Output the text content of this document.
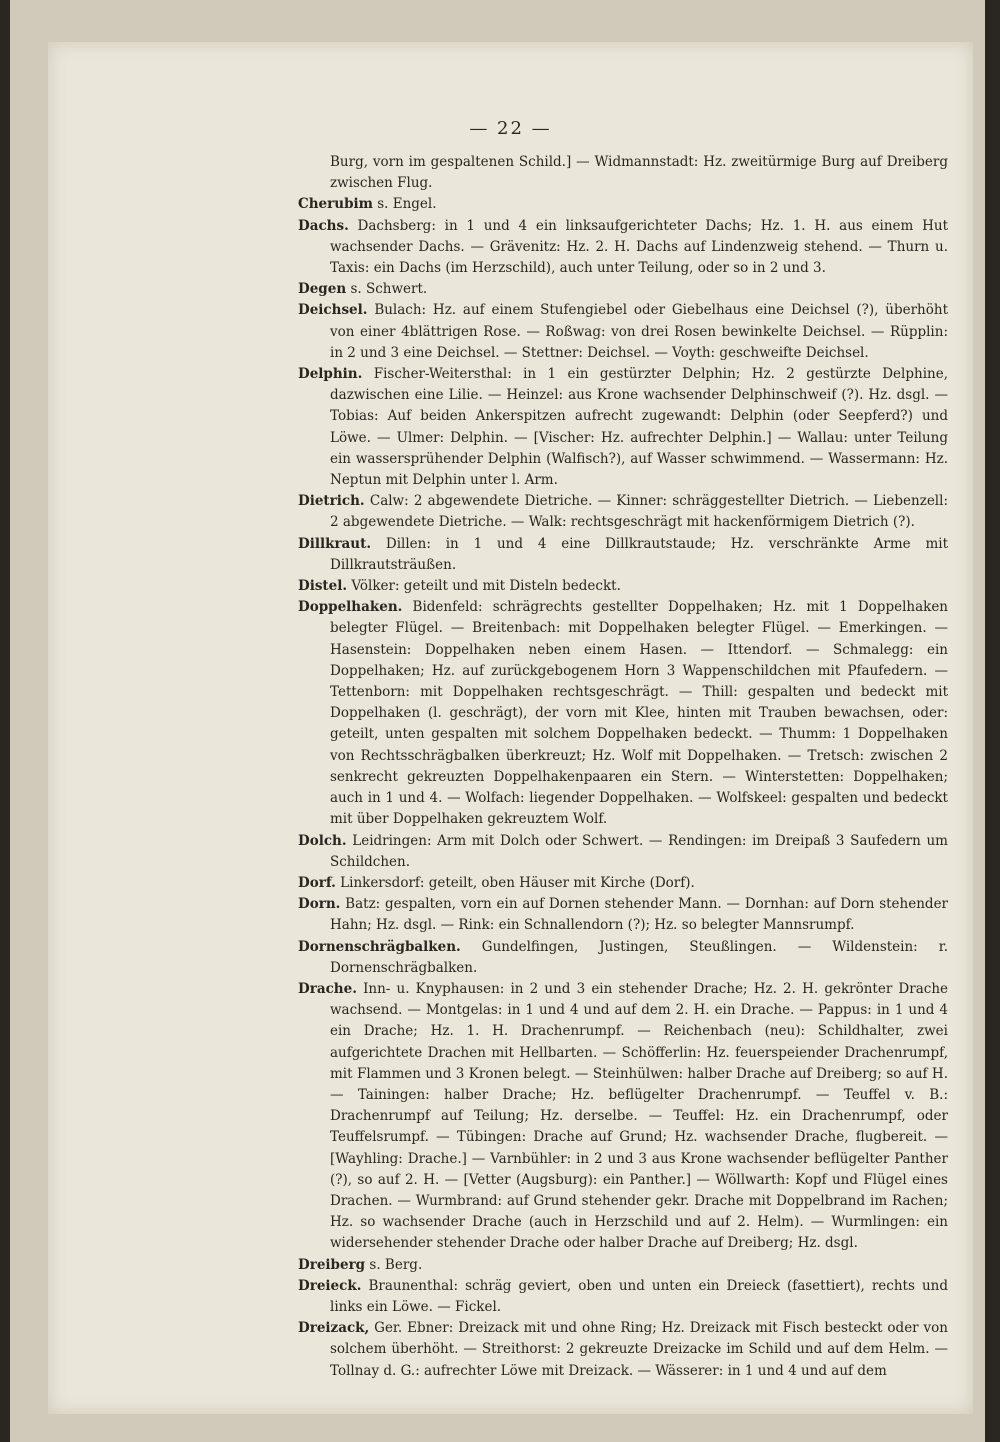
— 22 —

Burg, vorn im gespaltenen Schild.] — Widmannstadt: Hz. zweitürmige Burg auf Dreiberg zwischen Flug.

Cherubim s. Engel.

Dachs. Dachsberg: in 1 und 4 ein linksaufgerichteter Dachs; Hz. 1. H. aus einem Hut wachsender Dachs. — Grävenitz: Hz. 2. H. Dachs auf Lindenzweig stehend. — Thurn u. Taxis: ein Dachs (im Herzschild), auch unter Teilung, oder so in 2 und 3.

Degen s. Schwert.

Deichsel. Bulach: Hz. auf einem Stufengiebel oder Giebelhaus eine Deichsel (?), überhöht von einer 4blättrigen Rose. — Roßwag: von drei Rosen bewinkelte Deichsel. — Rüpplin: in 2 und 3 eine Deichsel. — Stettner: Deichsel. — Voyth: geschweifte Deichsel.

Delphin. Fischer-Weitersthal: in 1 ein gestürzter Delphin; Hz. 2 gestürzte Delphine, dazwischen eine Lilie. — Heinzel: aus Krone wachsender Delphinschweif (?). Hz. dsgl. — Tobias: Auf beiden Ankerspitzen aufrecht zugewandt: Delphin (oder Seepferd?) und Löwe. — Ulmer: Delphin. — [Vischer: Hz. aufrechter Delphin.] — Wallau: unter Teilung ein wassersprühender Delphin (Walfisch?), auf Wasser schwimmend. — Wassermann: Hz. Neptun mit Delphin unter l. Arm.

Dietrich. Calw: 2 abgewendete Dietriche. — Kinner: schräggestellter Dietrich. — Liebenzell: 2 abgewendete Dietriche. — Walk: rechtsgeschrägt mit hackenförmigem Dietrich (?).

Dillkraut. Dillen: in 1 und 4 eine Dillkrautstaude; Hz. verschränkte Arme mit Dillkrautsträußen.

Distel. Völker: geteilt und mit Disteln bedeckt.

Doppelhaken. Bidenfeld: schrägrechts gestellter Doppelhaken; Hz. mit 1 Doppelhaken belegter Flügel. — Breitenbach: mit Doppelhaken belegter Flügel. — Emerkingen. — Hasenstein: Doppelhaken neben einem Hasen. — Ittendorf. — Schmalegg: ein Doppelhaken; Hz. auf zurückgebogenem Horn 3 Wappenschildchen mit Pfaufedern. — Tettenborn: mit Doppelhaken rechtsgeschrägt. — Thill: gespalten und bedeckt mit Doppelhaken (l. geschrägt), der vorn mit Klee, hinten mit Trauben bewachsen, oder: geteilt, unten gespalten mit solchem Doppelhaken bedeckt. — Thumm: 1 Doppelhaken von Rechtsschrägbalken überkreuzt; Hz. Wolf mit Doppelhaken. — Tretsch: zwischen 2 senkrecht gekreuzten Doppelhakenpaaren ein Stern. — Winterstetten: Doppelhaken; auch in 1 und 4. — Wolfach: liegender Doppelhaken. — Wolfskeel: gespalten und bedeckt mit über Doppelhaken gekreuztem Wolf.

Dolch. Leidringen: Arm mit Dolch oder Schwert. — Rendingen: im Dreipaß 3 Saufedern um Schildchen.

Dorf. Linkersdorf: geteilt, oben Häuser mit Kirche (Dorf).

Dorn. Batz: gespalten, vorn ein auf Dornen stehender Mann. — Dornhan: auf Dorn stehender Hahn; Hz. dsgl. — Rink: ein Schnallendorn (?); Hz. so belegter Mannsrumpf.

Dornenschrägbalken. Gundelfingen, Justingen, Steußlingen. — Wildenstein: r. Dornenschrägbalken.

Drache. Inn- u. Knyphausen: in 2 und 3 ein stehender Drache; Hz. 2. H. gekrönter Drache wachsend. — Montgelas: in 1 und 4 und auf dem 2. H. ein Drache. — Pappus: in 1 und 4 ein Drache; Hz. 1. H. Drachenrumpf. — Reichenbach (neu): Schildhalter, zwei aufgerichtete Drachen mit Hellbarten. — Schöfferlin: Hz. feuerspeiender Drachenrumpf, mit Flammen und 3 Kronen belegt. — Steinhülwen: halber Drache auf Dreiberg; so auf H. — Tainingen: halber Drache; Hz. beflügelter Drachenrumpf. — Teuffel v. B.: Drachenrumpf auf Teilung; Hz. derselbe. — Teuffel: Hz. ein Drachenrumpf, oder Teuffelsrumpf. — Tübingen: Drache auf Grund; Hz. wachsender Drache, flugbereit. — [Wayhling: Drache.] — Varnbühler: in 2 und 3 aus Krone wachsender beflügelter Panther (?), so auf 2. H. — [Vetter (Augsburg): ein Panther.] — Wöllwarth: Kopf und Flügel eines Drachen. — Wurmbrand: auf Grund stehender gekr. Drache mit Doppelbrand im Rachen; Hz. so wachsender Drache (auch in Herzschild und auf 2. Helm). — Wurmlingen: ein widersehender stehender Drache oder halber Drache auf Dreiberg; Hz. dsgl.

Dreiberg s. Berg.

Dreieck. Braunenthal: schräg geviert, oben und unten ein Dreieck (fasettiert), rechts und links ein Löwe. — Fickel.

Dreizack, Ger. Ebner: Dreizack mit und ohne Ring; Hz. Dreizack mit Fisch besteckt oder von solchem überhöht. — Streithorst: 2 gekreuzte Dreizacke im Schild und auf dem Helm. — Tollnay d. G.: aufrechter Löwe mit Dreizack. — Wässerer: in 1 und 4 und auf dem
